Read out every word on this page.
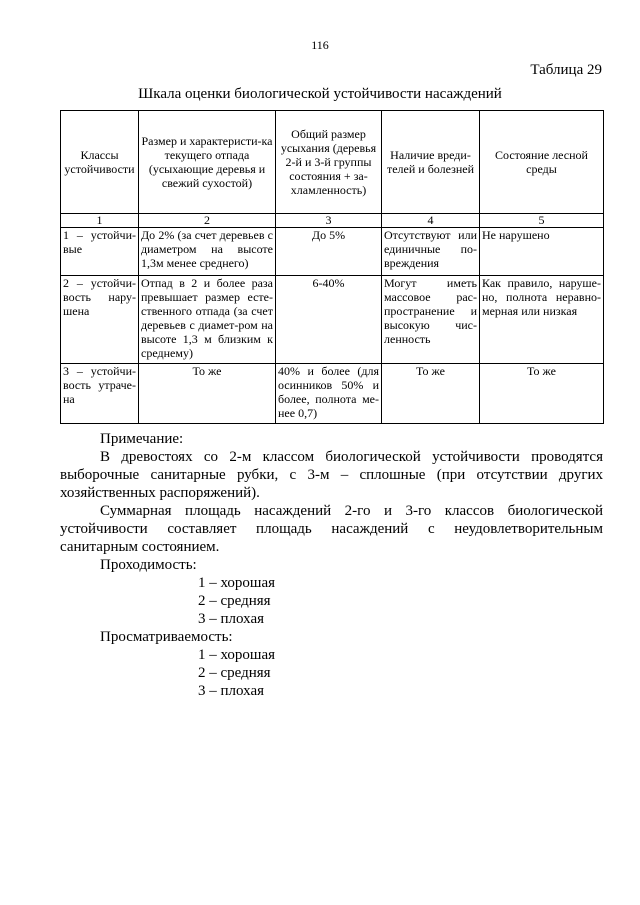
116
Таблица 29
Шкала оценки биологической устойчивости насаждений
Классы устойчивости	Размер и характеристи-ка текущего отпада (усыхающие деревья и свежий сухостой)	Общий размер усыхания (деревья 2-й и 3-й группы состояния + за-хламленность)	Наличие вреди-телей и болезней	Состояние лесной среды
1	2	3	4	5
1 – устойчи-вые	До 2% (за счет деревьев с диаметром на высоте 1,3м менее среднего)	До 5%	Отсутствуют или единичные по-вреждения	Не нарушено
2 – устойчи-вость нару-шена	Отпад в 2 и более раза превышает размер есте-ственного отпада (за счет деревьев с диамет-ром на высоте 1,3 м близким к среднему)	6-40%	Могут иметь массовое рас-пространение и высокую чис-ленность	Как правило, наруше-но, полнота неравно-мерная или низкая
3 – устойчи-вость утраче-на	То же	40% и более (для осинников 50% и более, полнота ме-нее 0,7)	То же	То же

Примечание:

В древостоях со 2-м классом биологической устойчивости проводятся выборочные санитарные рубки, с 3-м – сплошные (при отсутствии других хозяйственных распоряжений).

Суммарная площадь насаждений 2-го и 3-го классов биологической устойчивости составляет площадь насаждений с неудовлетворительным санитарным состоянием.

Проходимость:

1 – хорошая

2 – средняя

3 – плохая

Просматриваемость:

1 – хорошая

2 – средняя

3 – плохая
